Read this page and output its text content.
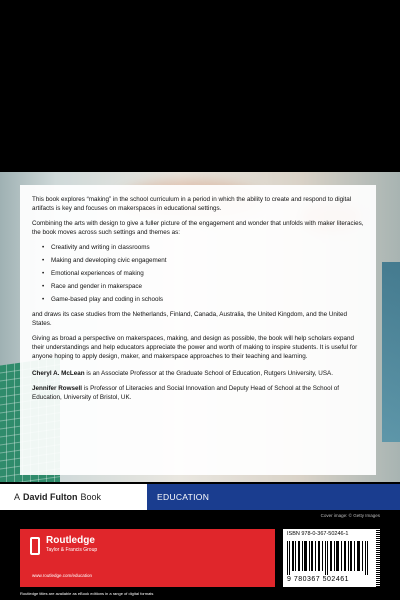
This book explores “making” in the school curriculum in a period in which the ability to create and respond to digital artifacts is key and focuses on makerspaces in educational settings.

Combining the arts with design to give a fuller picture of the engagement and wonder that unfolds with maker literacies, the book moves across such settings and themes as:

• Creativity and writing in classrooms
• Making and developing civic engagement
• Emotional experiences of making
• Race and gender in makerspace
• Game-based play and coding in schools

and draws its case studies from the Netherlands, Finland, Canada, Australia, the United Kingdom, and the United States.

Giving as broad a perspective on makerspaces, making, and design as possible, the book will help scholars expand their understandings and help educators appreciate the power and worth of making to inspire students. It is useful for anyone hoping to apply design, maker, and makerspace approaches to their teaching and learning.

Cheryl A. McLean is an Associate Professor at the Graduate School of Education, Rutgers University, USA.

Jennifer Rowsell is Professor of Literacies and Social Innovation and Deputy Head of School at the School of Education, University of Bristol, UK.

A David Fulton Book	EDUCATION
Cover image: © Getty Images
Routledge
Taylor & Francis Group
www.routledge.com/education
Routledge titles are available as eBook editions in a range of digital formats
ISBN 978-0-367-50246-1
9 780367 502461
